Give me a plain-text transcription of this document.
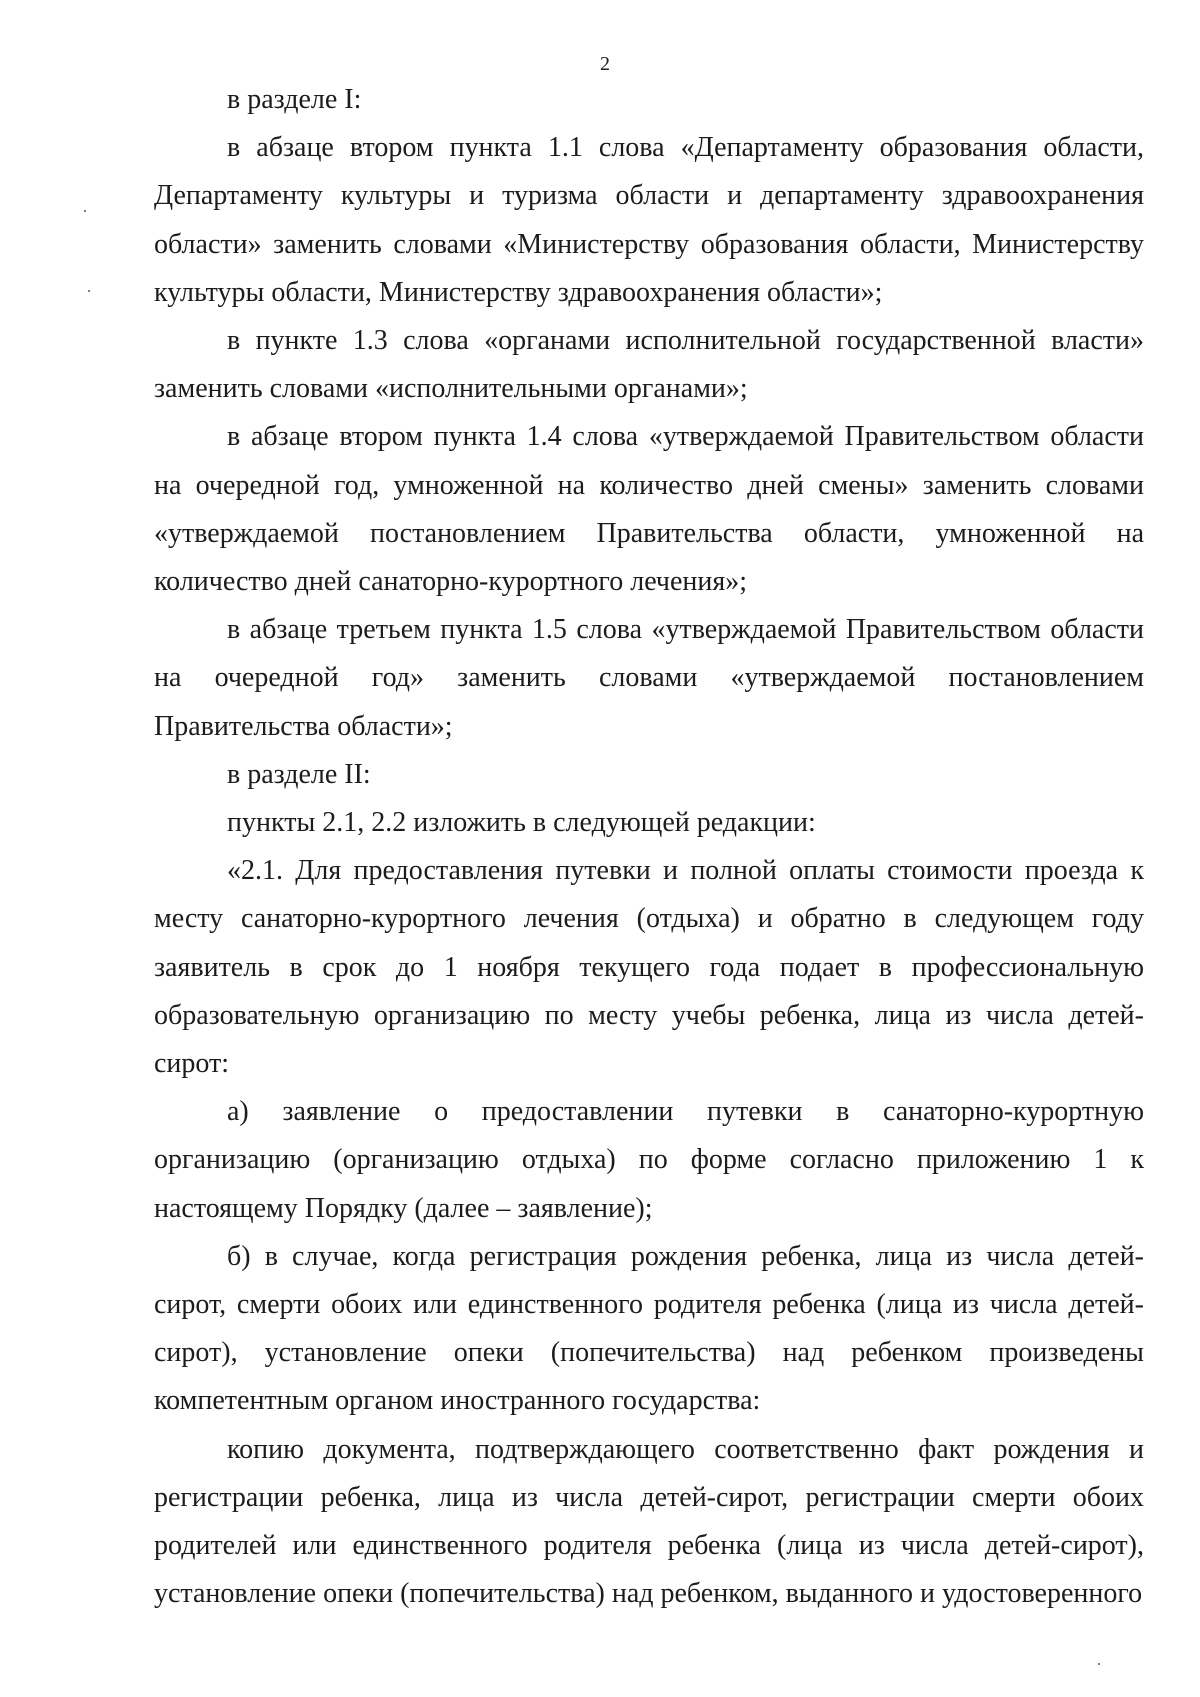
2

в разделе I:

в абзаце втором пункта 1.1 слова «Департаменту образования области, Департаменту культуры и туризма области и департаменту здравоохранения области» заменить словами «Министерству образования области, Министерству культуры области, Министерству здравоохранения области»;

в пункте 1.3 слова «органами исполнительной государственной власти» заменить словами «исполнительными органами»;

в абзаце втором пункта 1.4 слова «утверждаемой Правительством области на очередной год, умноженной на количество дней смены» заменить словами «утверждаемой постановлением Правительства области, умноженной на количество дней санаторно-курортного лечения»;

в абзаце третьем пункта 1.5 слова «утверждаемой Правительством области на очередной год» заменить словами «утверждаемой постановлением Правительства области»;

в разделе II:

пункты 2.1, 2.2 изложить в следующей редакции:

«2.1. Для предоставления путевки и полной оплаты стоимости проезда к месту санаторно-курортного лечения (отдыха) и обратно в следующем году заявитель в срок до 1 ноября текущего года подает в профессиональную образовательную организацию по месту учебы ребенка, лица из числа детей-сирот:

а) заявление о предоставлении путевки в санаторно-курортную организацию (организацию отдыха) по форме согласно приложению 1 к настоящему Порядку (далее – заявление);

б) в случае, когда регистрация рождения ребенка, лица из числа детей-сирот, смерти обоих или единственного родителя ребенка (лица из числа детей-сирот), установление опеки (попечительства) над ребенком произведены компетентным органом иностранного государства:

копию документа, подтверждающего соответственно факт рождения и регистрации ребенка, лица из числа детей-сирот, регистрации смерти обоих родителей или единственного родителя ребенка (лица из числа детей-сирот), установление опеки (попечительства) над ребенком, выданного и удостоверенного
